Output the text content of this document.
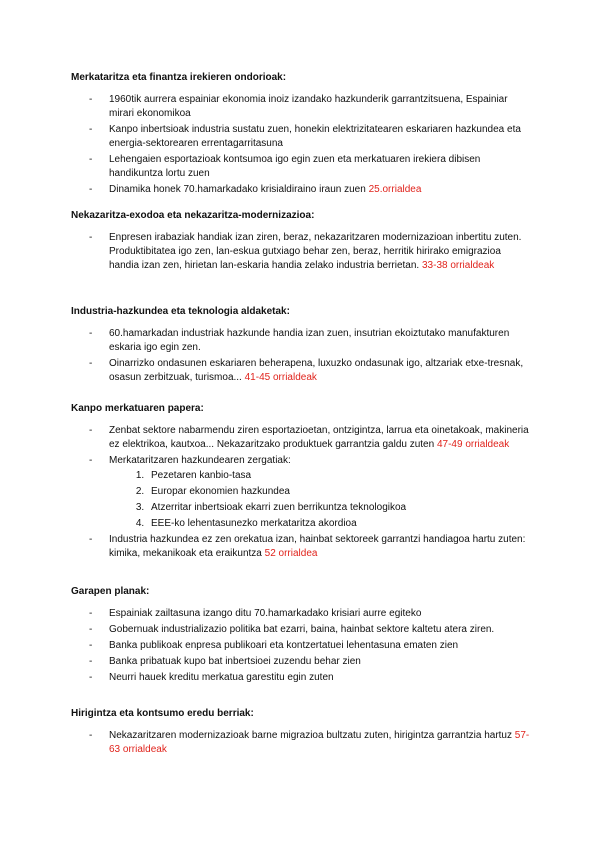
Merkataritza eta finantza irekieren ondorioak:
- 1960tik aurrera espainiar ekonomia inoiz izandako hazkunderik garrantzitsuena, Espainiar mirari ekonomikoa
- Kanpo inbertsioak industria sustatu zuen, honekin elektrizitatearen eskariaren hazkundea eta energia-sektorearen errentagarritasuna
- Lehengaien esportazioak kontsumoa igo egin zuen eta merkatuaren irekiera dibisen handikuntza lortu zuen
- Dinamika honek 70.hamarkadako krisialdiraino iraun zuen 25.orrialdea
Nekazaritza-exodoa eta nekazaritza-modernizazioa:
- Enpresen irabaziak handiak izan ziren, beraz, nekazaritzaren modernizazioan inbertitu zuten. Produktibitatea igo zen, lan-eskua gutxiago behar zen, beraz, herritik hirirako emigrazioa handia izan zen, hirietan lan-eskaria handia zelako industria berrietan. 33-38 orrialdeak
Industria-hazkundea eta teknologia aldaketak:
- 60.hamarkadan industriak hazkunde handia izan zuen, insutrian ekoiztutako manufakturen eskaria igo egin zen.
- Oinarrizko ondasunen eskariaren beherapena, luxuzko ondasunak igo, altzariak etxe-tresnak, osasun zerbitzuak, turismoa... 41-45 orrialdeak
Kanpo merkatuaren papera:
- Zenbat sektore nabarmendu ziren esportazioetan, ontzigintza, larrua eta oinetakoak, makineria ez elektrikoa, kautxoa... Nekazaritzako produktuek garrantzia galdu zuten 47-49 orrialdeak
- Merkataritzaren hazkundearen zergatiak:
1. Pezetaren kanbio-tasa
2. Europar ekonomien hazkundea
3. Atzerritar inbertsioak ekarri zuen berrikuntza teknologikoa
4. EEE-ko lehentasunezko merkataritza akordioa
- Industria hazkundea ez zen orekatua izan, hainbat sektoreek garrantzi handiagoa hartu zuten: kimika, mekanikoak eta eraikuntza 52 orrialdea
Garapen planak:
- Espainiak zailtasuna izango ditu 70.hamarkadako krisiari aurre egiteko
- Gobernuak industrializazio politika bat ezarri, baina, hainbat sektore kaltetu atera ziren.
- Banka publikoak enpresa publikoari eta kontzertatuei lehentasuna ematen zien
- Banka pribatuak kupo bat inbertsioei zuzendu behar zien
- Neurri hauek kreditu merkatua garestitu egin zuten
Hirigintza eta kontsumo eredu berriak:
- Nekazaritzaren modernizazioak barne migrazioa bultzatu zuten, hirigintza garrantzia hartuz 57-63 orrialdeak
